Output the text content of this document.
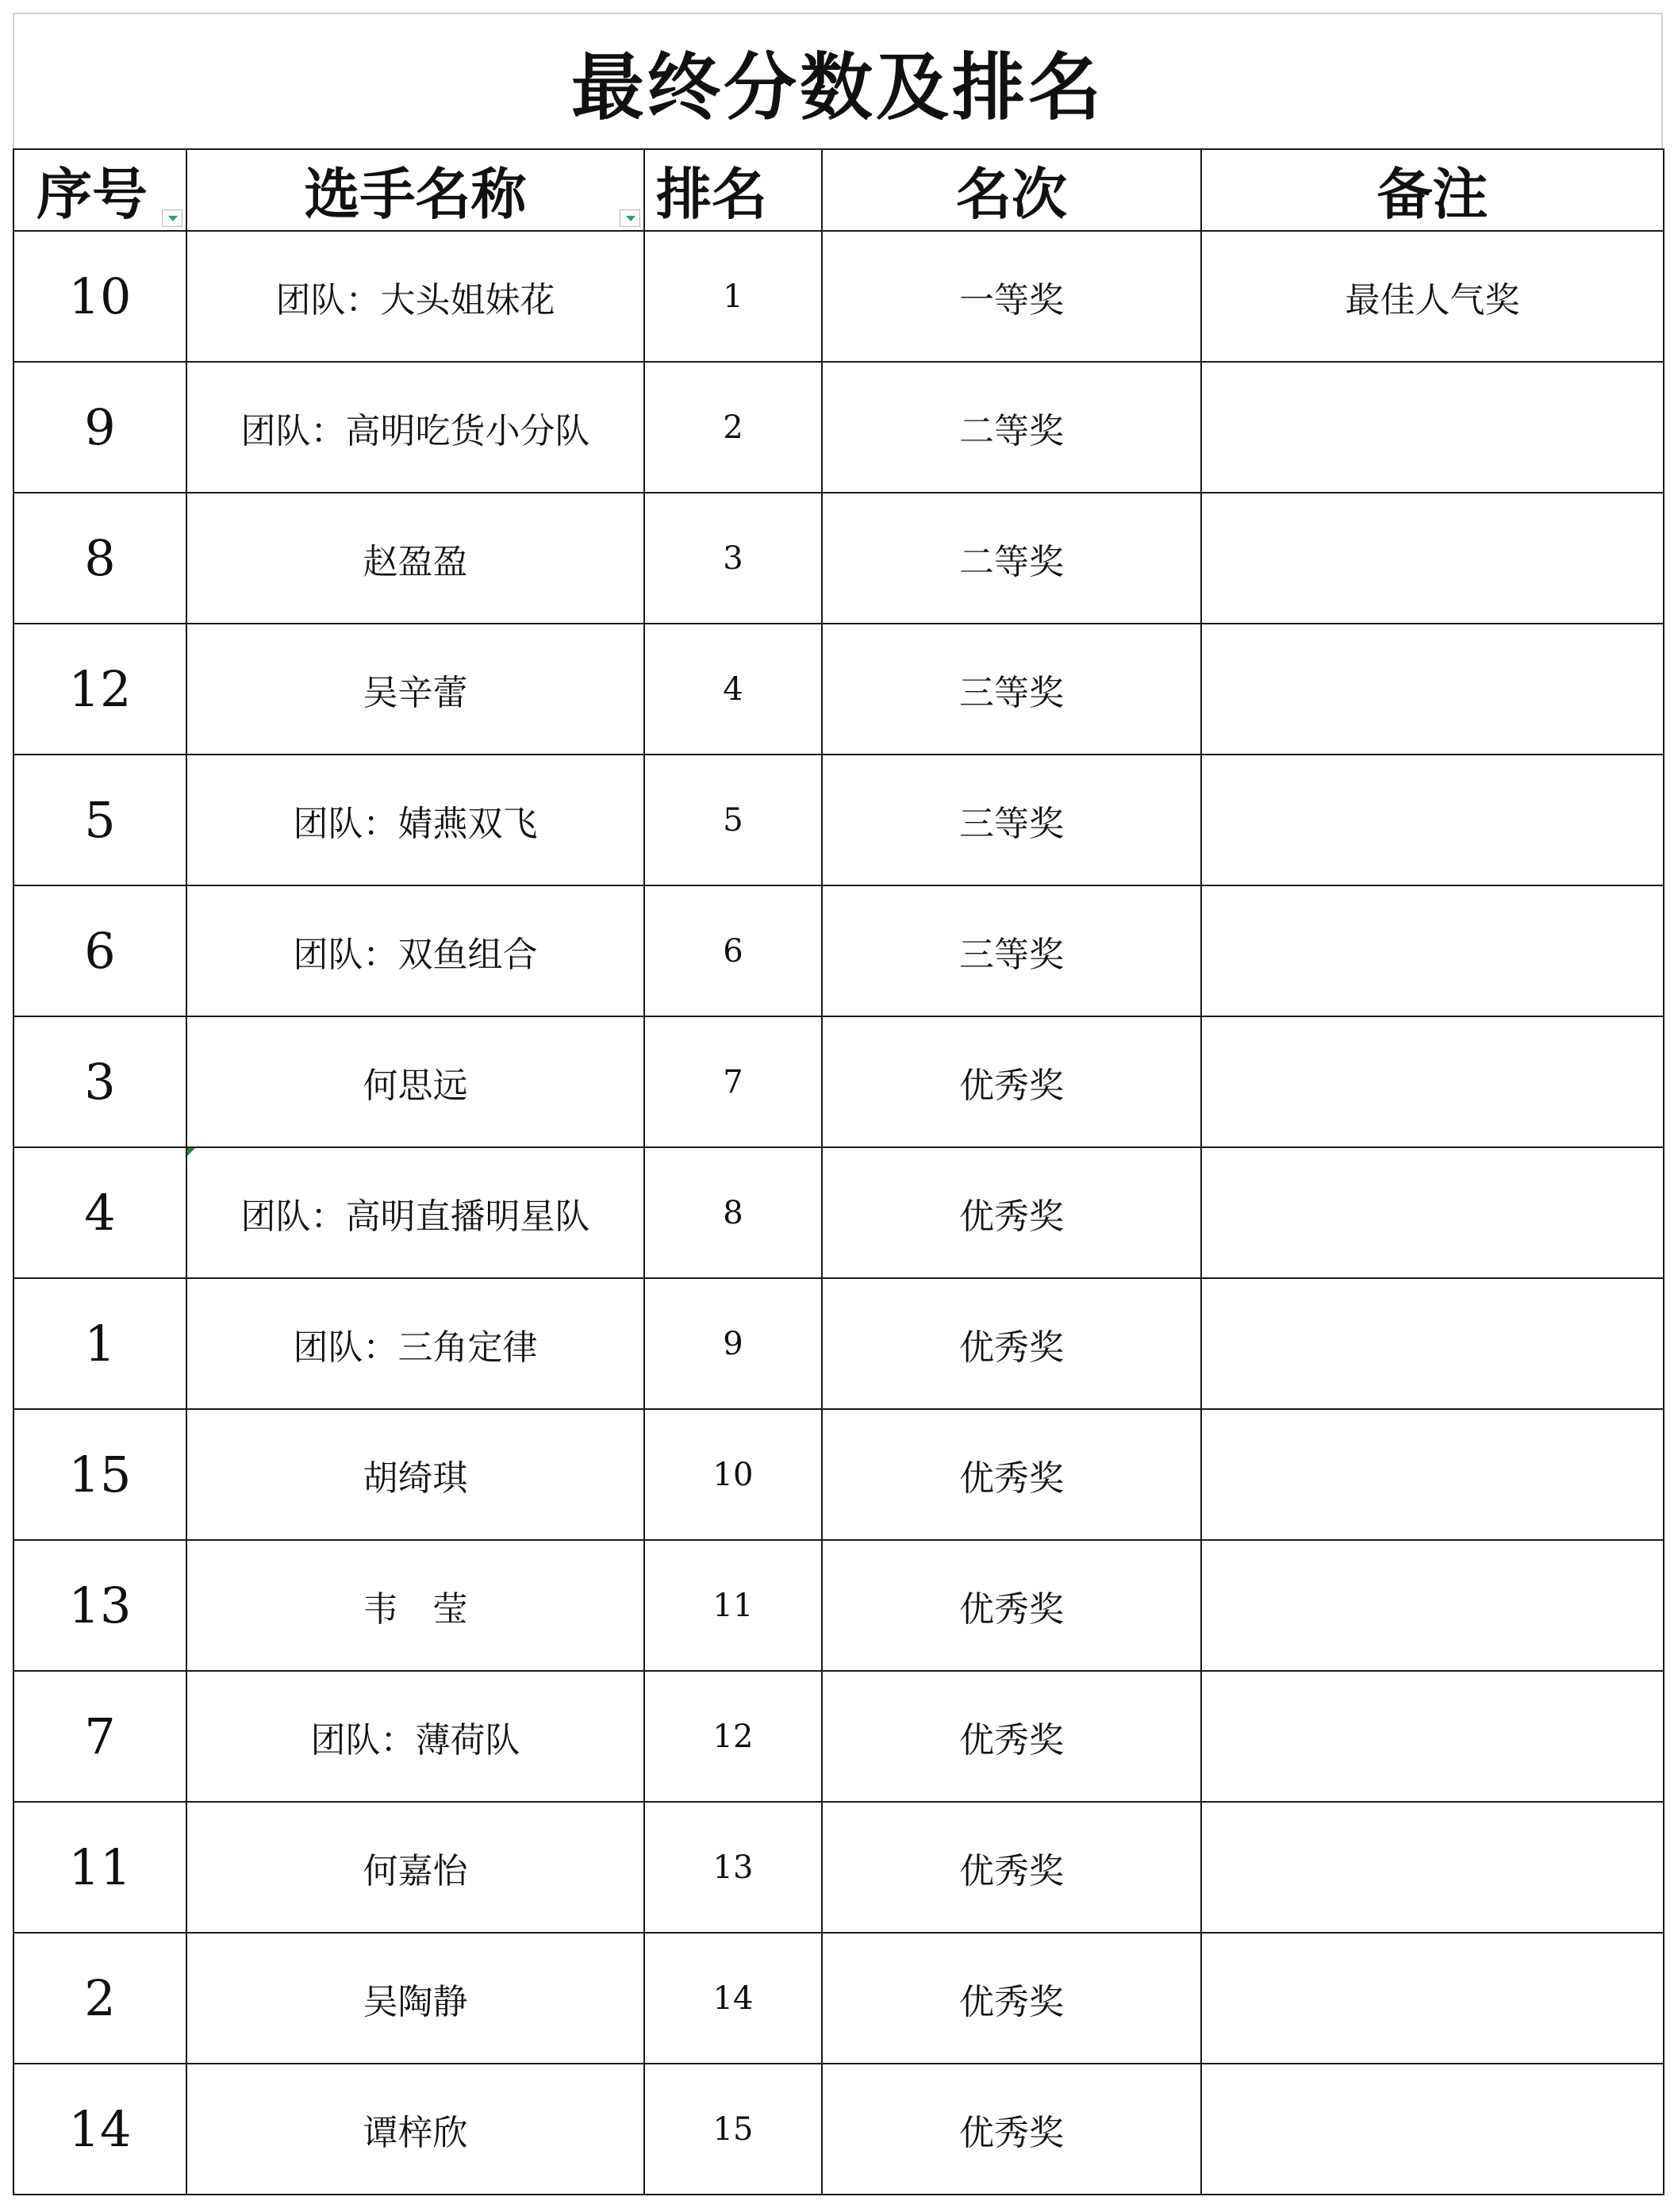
最终分数及排名
序号	选手名称	排名	名次	备注
10	团队：大头姐妹花	1	一等奖	最佳人气奖
9	团队：高明吃货小分队	2	二等奖	
8	赵盈盈	3	二等奖	
12	吴辛蕾	4	三等奖	
5	团队：婧燕双飞	5	三等奖	
6	团队：双鱼组合	6	三等奖	
3	何思远	7	优秀奖	
4	团队：高明直播明星队	8	优秀奖	
1	团队：三角定律	9	优秀奖	
15	胡绮琪	10	优秀奖	
13	韦　莹	11	优秀奖	
7	团队：薄荷队	12	优秀奖	
11	何嘉怡	13	优秀奖	
2	吴陶静	14	优秀奖	
14	谭梓欣	15	优秀奖	
